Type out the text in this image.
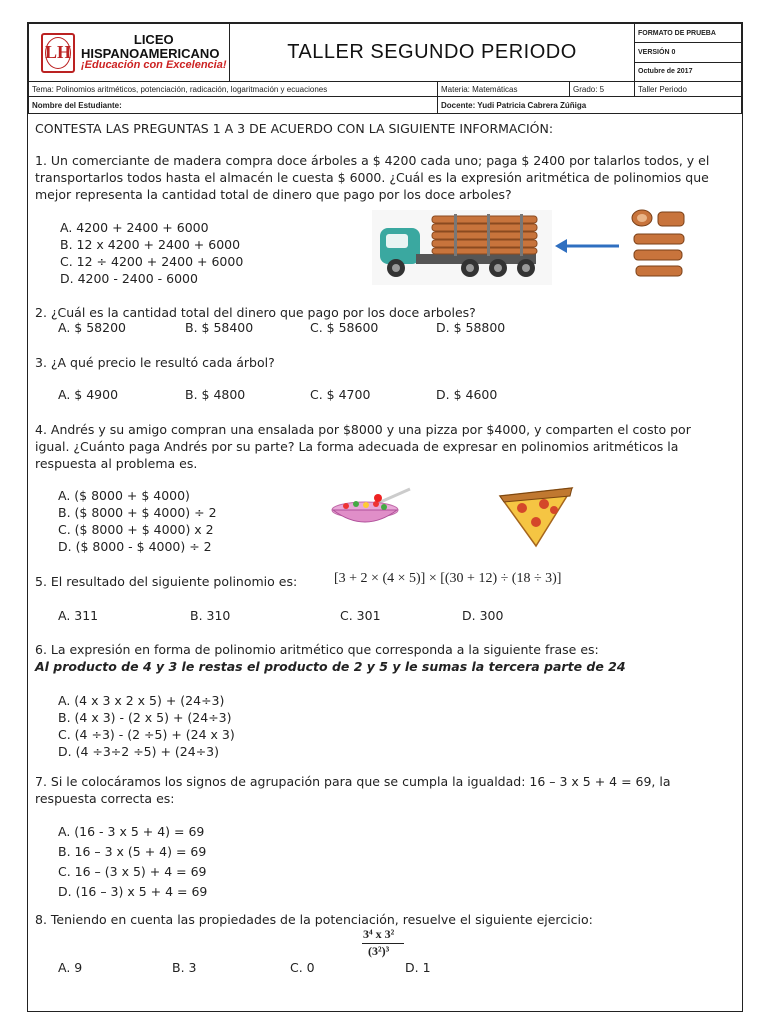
LH
LICEO
HISPANOAMERICANO
¡Educación con Excelencia!	TALLER SEGUNDO PERIODO			FORMATO DE PRUEBA
				VERSIÓN 0
				Octubre de 2017
Tema: Polinomios aritméticos, potenciación, radicación, logaritmación y ecuaciones		Materia: Matemáticas	Grado: 5	Taller Periodo
Nombre del Estudiante:		Docente: Yudi Patricia Cabrera Zúñiga		
CONTESTA LAS PREGUNTAS 1 A 3 DE ACUERDO CON LA SIGUIENTE INFORMACIÓN:
1. Un comerciante de madera compra doce árboles a $ 4200 cada uno; paga $ 2400 por talarlos todos, y el
transportarlos todos hasta el almacén le cuesta $ 6000. ¿Cuál es la expresión aritmética de polinomios que
mejor representa la cantidad total de dinero que pago por los doce arboles?
A. 4200 + 2400 + 6000
B. 12 x 4200 + 2400 + 6000
C. 12 ÷ 4200 + 2400 + 6000
D. 4200 - 2400 - 6000
2. ¿Cuál es la cantidad total del dinero que pago por los doce arboles?
A. $ 58200	B. $ 58400	C. $ 58600	D. $ 58800
3. ¿A qué precio le resultó cada árbol?
A. $ 4900	B. $ 4800	C. $ 4700	D. $ 4600
4. Andrés y su amigo compran una ensalada por $8000 y una pizza por $4000, y comparten el costo por
igual. ¿Cuánto paga Andrés por su parte? La forma adecuada de expresar en polinomios aritméticos la
respuesta al problema es.
A. ($ 8000 + $ 4000)
B. ($ 8000 + $ 4000) ÷ 2
C. ($ 8000 + $ 4000) x 2
D. ($ 8000 - $ 4000) ÷ 2
5. El resultado del siguiente polinomio es:	[3 + 2 × (4 × 5)] × [(30 + 12) ÷ (18 ÷ 3)]
A. 311	B. 310	C. 301	D. 300
6. La expresión en forma de polinomio aritmético que corresponda a la siguiente frase es:
Al producto de 4 y 3 le restas el producto de 2 y 5 y le sumas la tercera parte de 24
A. (4 x 3 x 2 x 5) + (24÷3)
B. (4 x 3) - (2 x 5) + (24÷3)
C. (4 ÷3) - (2 ÷5) + (24 x 3)
D. (4 ÷3÷2 ÷5) + (24÷3)
7. Si le colocáramos los signos de agrupación para que se cumpla la igualdad: 16 – 3 x 5 + 4 = 69, la
respuesta correcta es:
A. (16 - 3 x 5 + 4) = 69
B. 16 – 3 x (5 + 4) = 69
C. 16 – (3 x 5) + 4 = 69
D. (16 – 3) x 5 + 4 = 69
8. Teniendo en cuenta las propiedades de la potenciación, resuelve el siguiente ejercicio:
3⁴ x 3²
(3²)³
A. 9	B. 3	C. 0	D. 1
